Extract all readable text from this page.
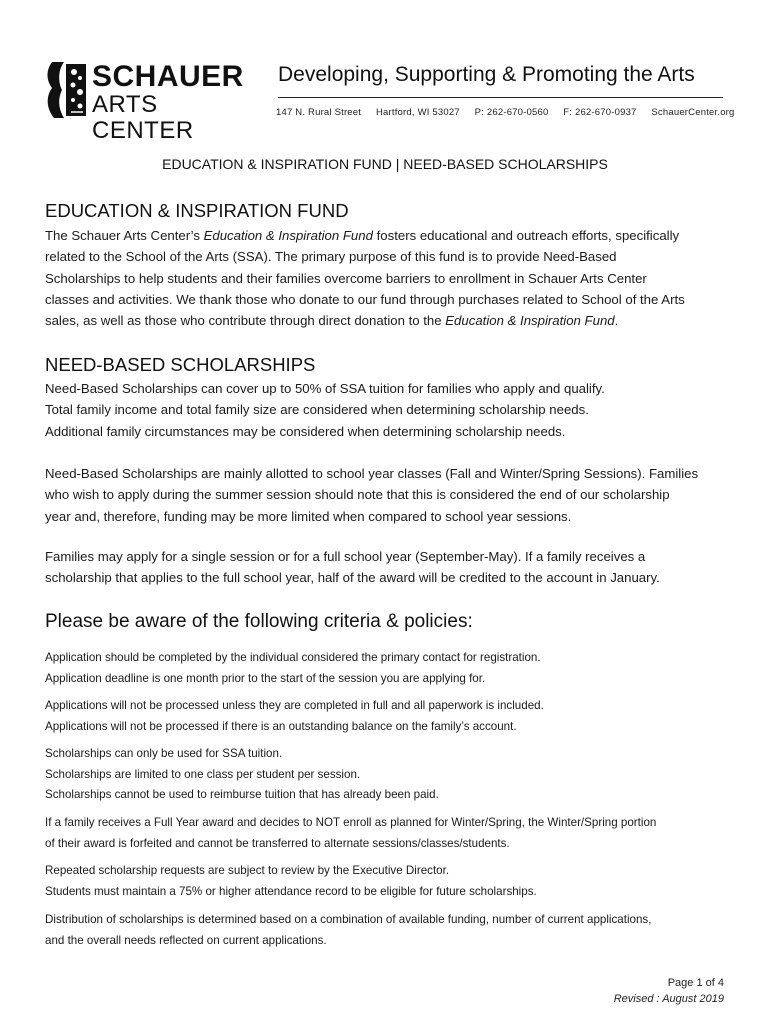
SCHAUER
ARTS CENTER
Developing, Supporting & Promoting the Arts
147 N. Rural Street Hartford, WI 53027 P: 262-670-0560 F: 262-670-0937 SchauerCenter.org
EDUCATION & INSPIRATION FUND | NEED-BASED SCHOLARSHIPS
EDUCATION & INSPIRATION FUND

The Schauer Arts Center’s Education & Inspiration Fund fosters educational and outreach efforts, specifically
related to the School of the Arts (SSA). The primary purpose of this fund is to provide Need-Based
Scholarships to help students and their families overcome barriers to enrollment in Schauer Arts Center
classes and activities. We thank those who donate to our fund through purchases related to School of the Arts
sales, as well as those who contribute through direct donation to the Education & Inspiration Fund.

NEED-BASED SCHOLARSHIPS

Need-Based Scholarships can cover up to 50% of SSA tuition for families who apply and qualify.
Total family income and total family size are considered when determining scholarship needs.
Additional family circumstances may be considered when determining scholarship needs.

Need-Based Scholarships are mainly allotted to school year classes (Fall and Winter/Spring Sessions). Families
who wish to apply during the summer session should note that this is considered the end of our scholarship
year and, therefore, funding may be more limited when compared to school year sessions.

Families may apply for a single session or for a full school year (September-May). If a family receives a
scholarship that applies to the full school year, half of the award will be credited to the account in January.

Please be aware of the following criteria & policies:

Application should be completed by the individual considered the primary contact for registration.
Application deadline is one month prior to the start of the session you are applying for.

Applications will not be processed unless they are completed in full and all paperwork is included.
Applications will not be processed if there is an outstanding balance on the family’s account.

Scholarships can only be used for SSA tuition.
Scholarships are limited to one class per student per session.
Scholarships cannot be used to reimburse tuition that has already been paid.

If a family receives a Full Year award and decides to NOT enroll as planned for Winter/Spring, the Winter/Spring portion
of their award is forfeited and cannot be transferred to alternate sessions/classes/students.

Repeated scholarship requests are subject to review by the Executive Director.
Students must maintain a 75% or higher attendance record to be eligible for future scholarships.

Distribution of scholarships is determined based on a combination of available funding, number of current applications,
and the overall needs reflected on current applications.

Page 1 of 4
Revised : August 2019
